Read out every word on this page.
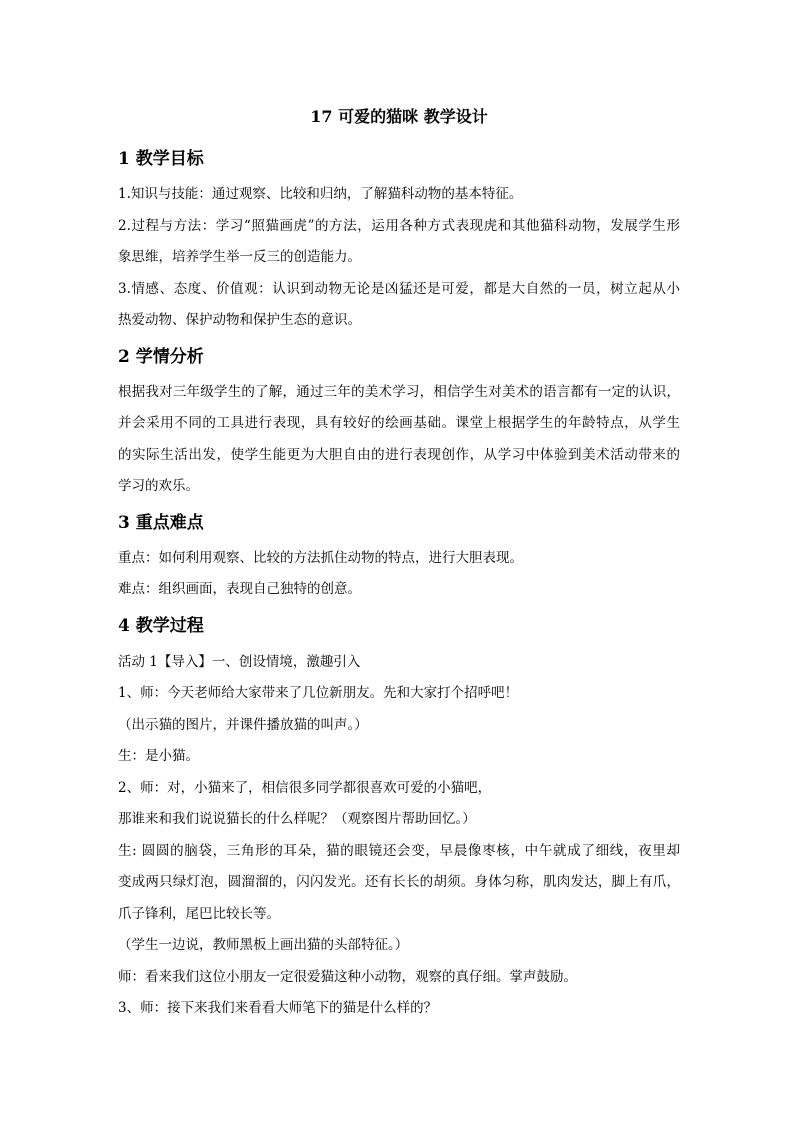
17 可爱的猫咪 教学设计
1 教学目标
1.知识与技能：通过观察、比较和归纳，了解猫科动物的基本特征。
2.过程与方法：学习“照猫画虎”的方法，运用各种方式表现虎和其他猫科动物，发展学生形
象思维，培养学生举一反三的创造能力。
3.情感、态度、价值观：认识到动物无论是凶猛还是可爱，都是大自然的一员，树立起从小
热爱动物、保护动物和保护生态的意识。
2 学情分析
根据我对三年级学生的了解，通过三年的美术学习，相信学生对美术的语言都有一定的认识，
并会采用不同的工具进行表现，具有较好的绘画基础。课堂上根据学生的年龄特点，从学生
的实际生活出发，使学生能更为大胆自由的进行表现创作，从学习中体验到美术活动带来的
学习的欢乐。
3 重点难点
重点：如何利用观察、比较的方法抓住动物的特点，进行大胆表现。
难点：组织画面，表现自己独特的创意。
4 教学过程
活动 1【导入】一、创设情境，激趣引入
1、师：今天老师给大家带来了几位新朋友。先和大家打个招呼吧！
（出示猫的图片，并课件播放猫的叫声。）
生：是小猫。
2、师：对，小猫来了，相信很多同学都很喜欢可爱的小猫吧，
那谁来和我们说说猫长的什么样呢？（观察图片帮助回忆。）
生: 圆圆的脑袋，三角形的耳朵，猫的眼镜还会变，早晨像枣核，中午就成了细线，夜里却
变成两只绿灯泡，圆溜溜的，闪闪发光。还有长长的胡须。身体匀称，肌肉发达，脚上有爪，
爪子锋利，尾巴比较长等。
（学生一边说，教师黑板上画出猫的头部特征。）
师：看来我们这位小朋友一定很爱猫这种小动物，观察的真仔细。掌声鼓励。
3、师：接下来我们来看看大师笔下的猫是什么样的？
